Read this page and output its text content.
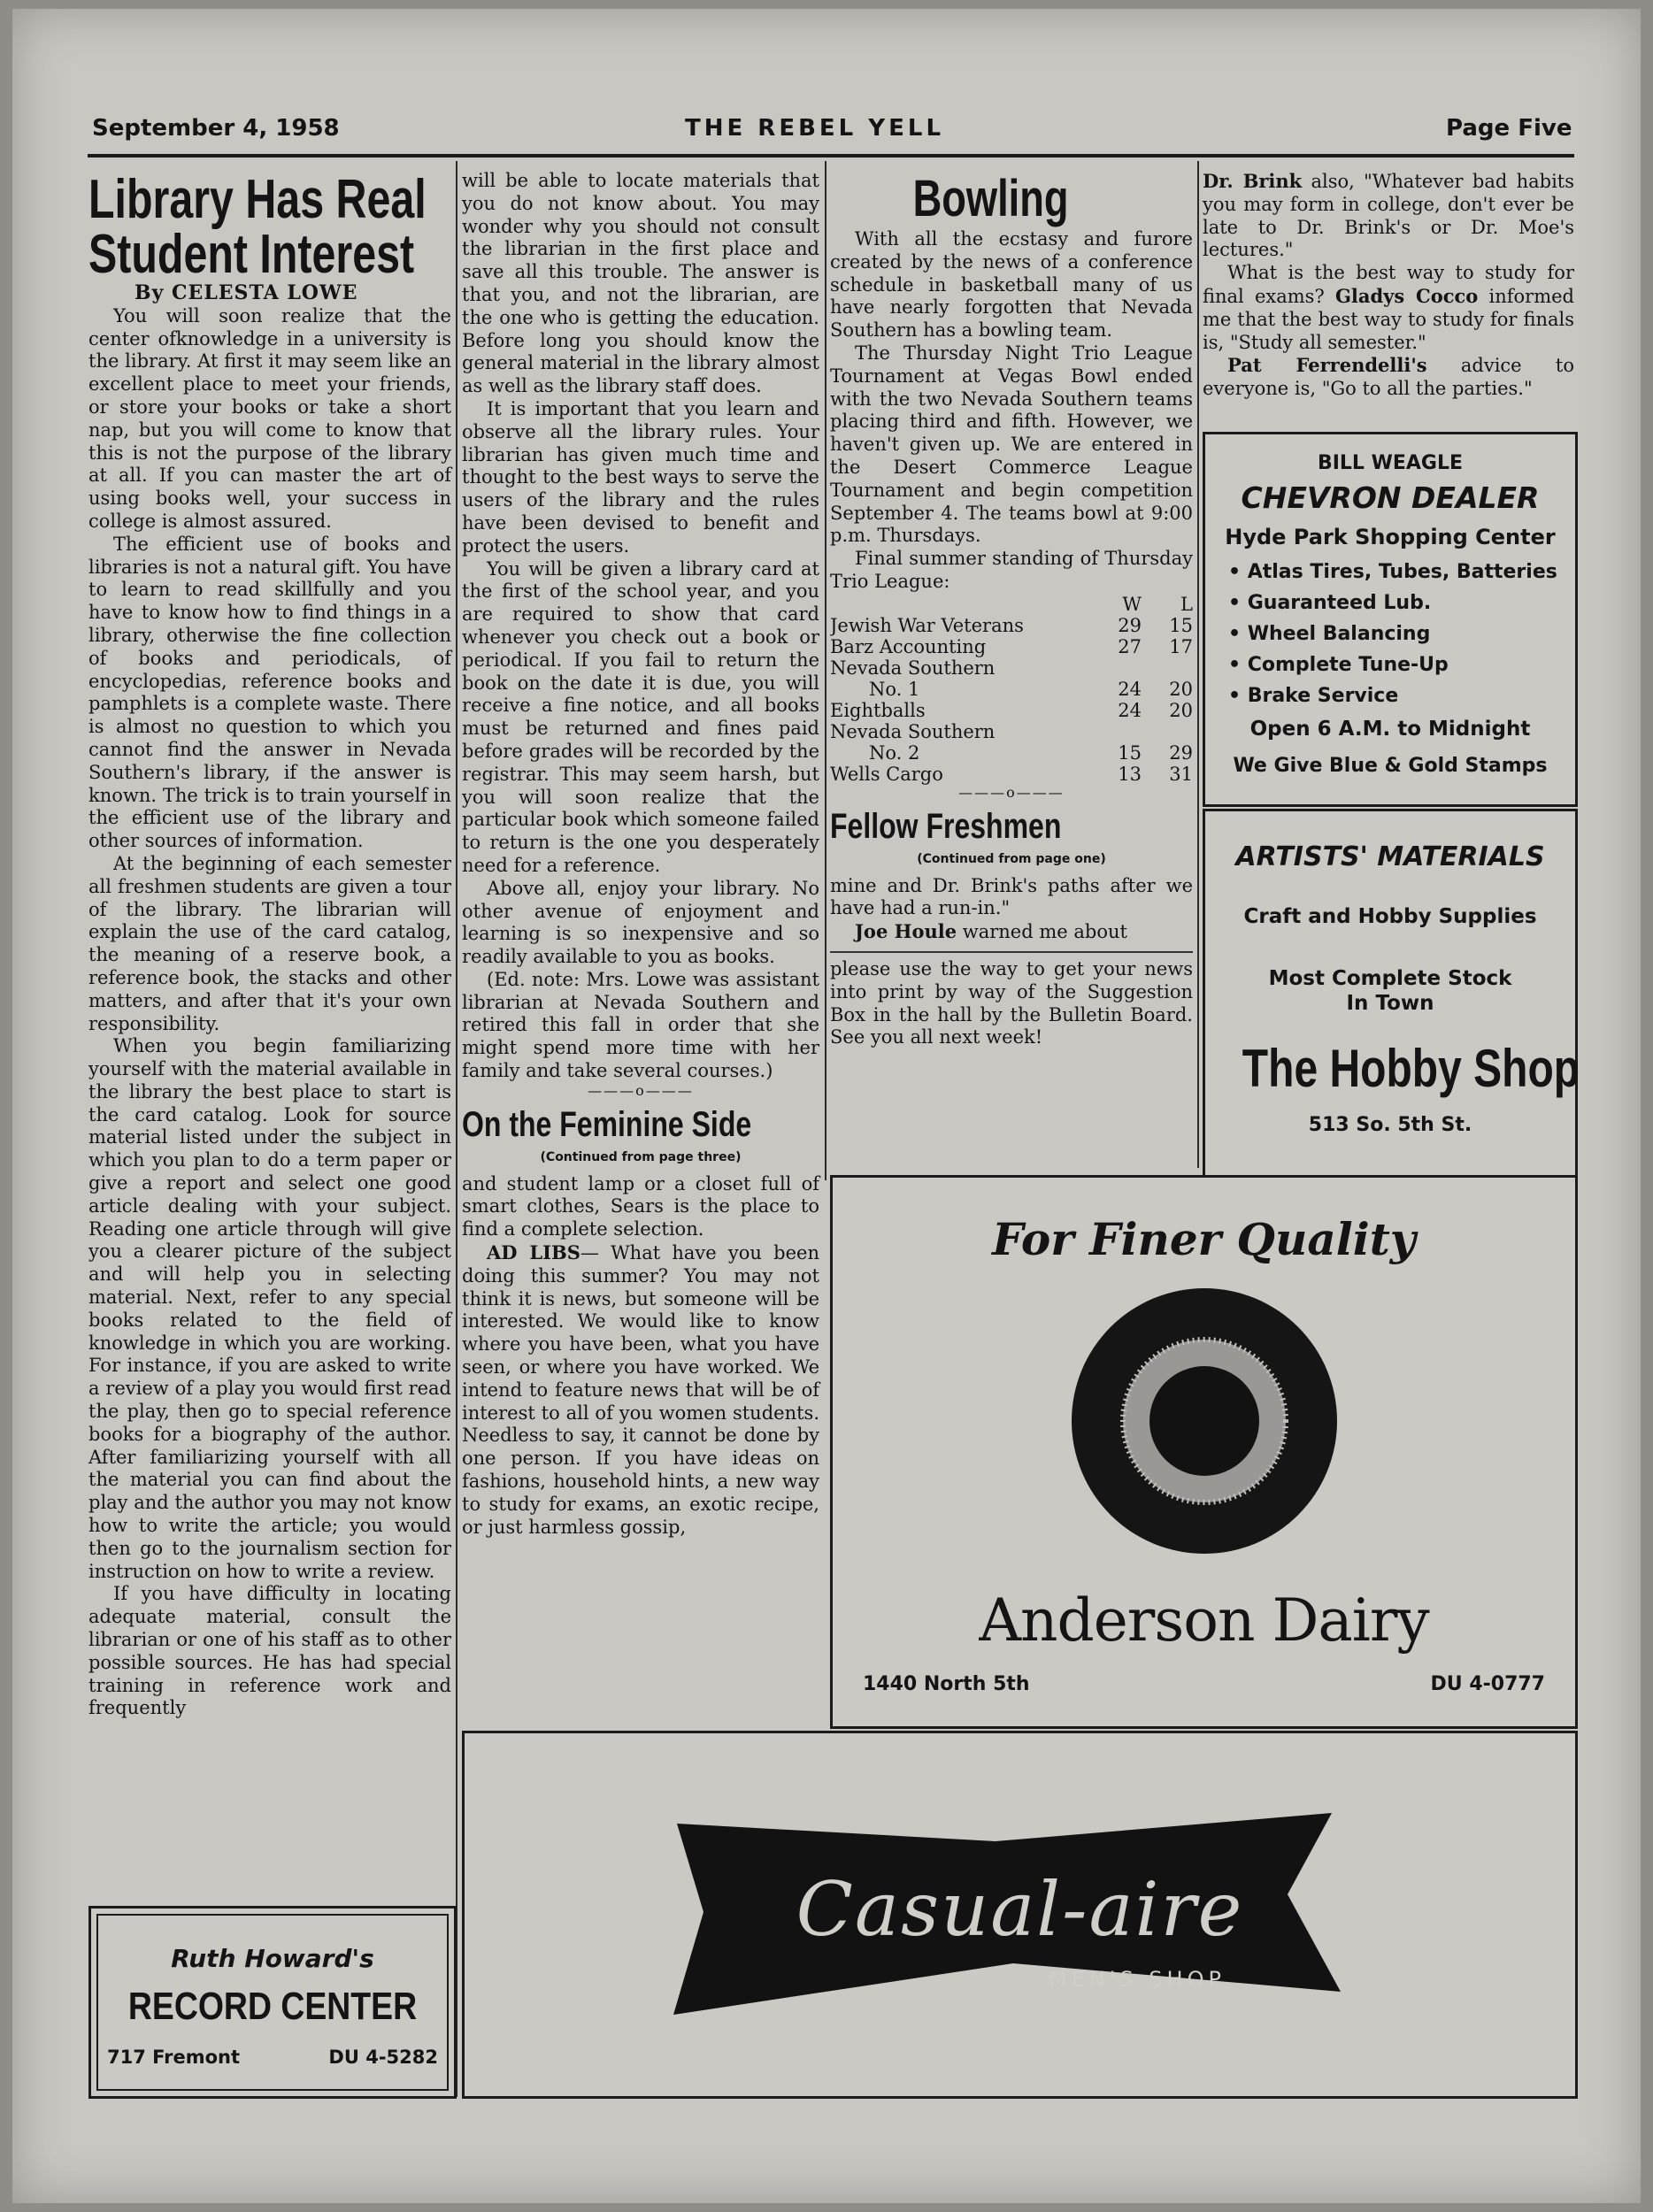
September 4, 1958	THE REBEL YELL	Page Five
Library Has Real
Student Interest
By CELESTA LOWE

You will soon realize that the center ofknowledge in a university is the library. At first it may seem like an excellent place to meet your friends, or store your books or take a short nap, but you will come to know that this is not the purpose of the library at all. If you can master the art of using books well, your success in college is almost assured.

The efficient use of books and libraries is not a natural gift. You have to learn to read skillfully and you have to know how to find things in a library, otherwise the fine collection of books and periodicals, of encyclopedias, reference books and pamphlets is a complete waste. There is almost no question to which you cannot find the answer in Nevada Southern's library, if the answer is known. The trick is to train yourself in the efficient use of the library and other sources of information.

At the beginning of each semester all freshmen students are given a tour of the library. The librarian will explain the use of the card catalog, the meaning of a reserve book, a reference book, the stacks and other matters, and after that it's your own responsibility.

When you begin familiarizing yourself with the material available in the library the best place to start is the card catalog. Look for source material listed under the subject in which you plan to do a term paper or give a report and select one good article dealing with your subject. Reading one article through will give you a clearer picture of the subject and will help you in selecting material. Next, refer to any special books related to the field of knowledge in which you are working. For instance, if you are asked to write a review of a play you would first read the play, then go to special reference books for a biography of the author. After familiarizing yourself with all the material you can find about the play and the author you may not know how to write the article; you would then go to the journalism section for instruction on how to write a review.

If you have difficulty in locating adequate material, consult the librarian or one of his staff as to other possible sources. He has had special training in reference work and frequently

will be able to locate materials that you do not know about. You may wonder why you should not consult the librarian in the first place and save all this trouble. The answer is that you, and not the librarian, are the one who is getting the education. Before long you should know the general material in the library almost as well as the library staff does.

It is important that you learn and observe all the library rules. Your librarian has given much time and thought to the best ways to serve the users of the library and the rules have been devised to benefit and protect the users.

You will be given a library card at the first of the school year, and you are required to show that card whenever you check out a book or periodical. If you fail to return the book on the date it is due, you will receive a fine notice, and all books must be returned and fines paid before grades will be recorded by the registrar. This may seem harsh, but you will soon realize that the particular book which someone failed to return is the one you desperately need for a reference.

Above all, enjoy your library. No other avenue of enjoyment and learning is so inexpensive and so readily available to you as books.

(Ed. note: Mrs. Lowe was assistant librarian at Nevada Southern and retired this fall in order that she might spend more time with her family and take several courses.)

———o———
On the Feminine Side
(Continued from page three)

and student lamp or a closet full of smart clothes, Sears is the place to find a complete selection.

AD LIBS— What have you been doing this summer? You may not think it is news, but someone will be interested. We would like to know where you have been, what you have seen, or where you have worked. We intend to feature news that will be of interest to all of you women students. Needless to say, it cannot be done by one person. If you have ideas on fashions, household hints, a new way to study for exams, an exotic recipe, or just harmless gossip,

Bowling

With all the ecstasy and furore created by the news of a conference schedule in basketball many of us have nearly forgotten that Nevada Southern has a bowling team.

The Thursday Night Trio League Tournament at Vegas Bowl ended with the two Nevada Southern teams placing third and fifth. However, we haven't given up. We are entered in the Desert Commerce League Tournament and begin competition September 4. The teams bowl at 9:00 p.m. Thursdays.

Final summer standing of Thursday Trio League:

	W	L
Jewish War Veterans	29	15
Barz Accounting	27	17
Nevada Southern		
No. 1	24	20
Eightballs	24	20
Nevada Southern		
No. 2	15	29
Wells Cargo	13	31
———o———
Fellow Freshmen
(Continued from page one)

mine and Dr. Brink's paths after we have had a run-in."

Joe Houle warned me about

please use the way to get your news into print by way of the Suggestion Box in the hall by the Bulletin Board. See you all next week!

Dr. Brink also, "Whatever bad habits you may form in college, don't ever be late to Dr. Brink's or Dr. Moe's lectures."

What is the best way to study for final exams? Gladys Cocco informed me that the best way to study for finals is, "Study all semester."

Pat Ferrendelli's advice to everyone is, "Go to all the parties."

BILL WEAGLE
CHEVRON DEALER
Hyde Park Shopping Center
• Atlas Tires, Tubes, Batteries
• Guaranteed Lub.
• Wheel Balancing
• Complete Tune-Up
• Brake Service
Open 6 A.M. to Midnight
We Give Blue & Gold Stamps
ARTISTS' MATERIALS
Craft and Hobby Supplies
Most Complete Stock
In Town
The Hobby Shop
513 So. 5th St.
For Finer Quality
Anderson Dairy
1440 North 5th	DU 4-0777
Ruth Howard's
RECORD CENTER
717 Fremont	DU 4-5282
Casual-aire
MEN'S SHOP
